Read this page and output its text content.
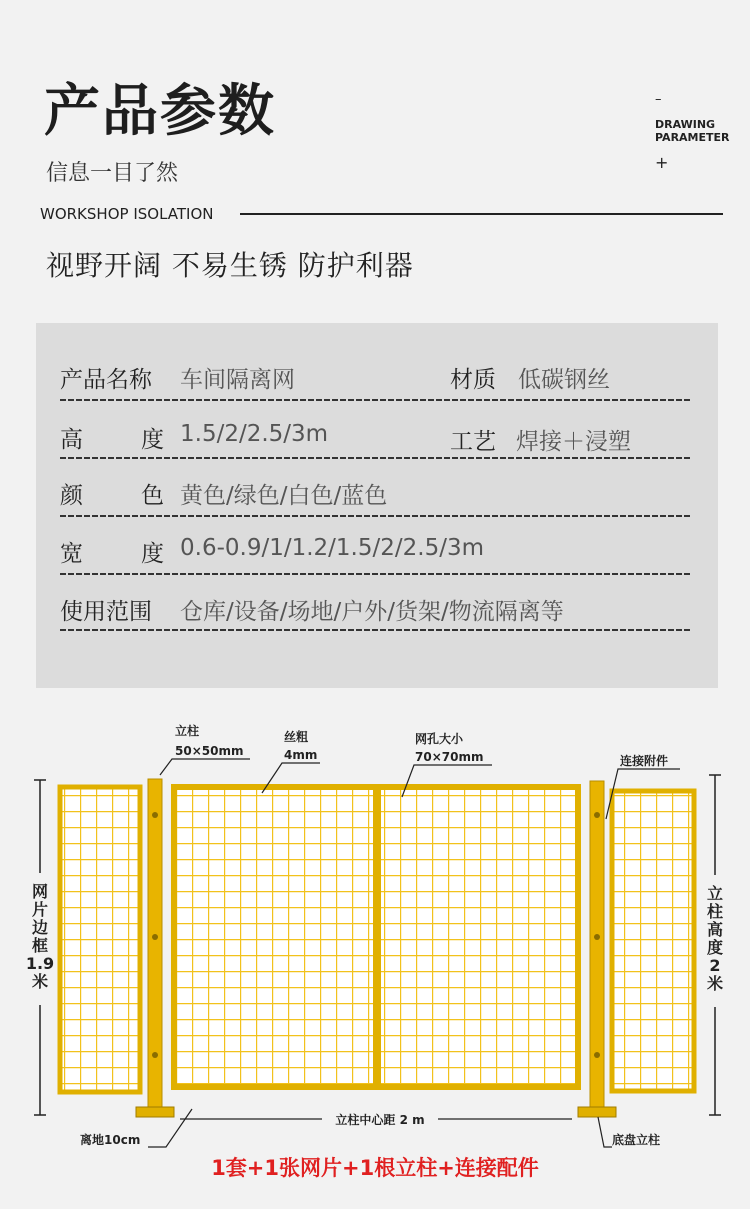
产品参数
信息一目了然
–
DRAWING
PARAMETER
+
WORKSHOP ISOLATION
视野开阔 不易生锈 防护利器
产品名称 车间隔离网	材质 低碳钢丝
高	度 1.5/2/2.5/3m	工艺 焊接＋浸塑
颜	色 黄色/绿色/白色/蓝色
宽	度 0.6-0.9/1/1.2/1.5/2/2.5/3m
使用范围 仓库/设备/场地/户外/货架/物流隔离等
立柱
50×50mm
丝粗
4mm
网孔大小
70×70mm	连接附件
网
片
边
框
1.9
米
立
柱
高
度
2
米
立柱中心距 2 m
离地10cm	底盘立柱
1套+1张网片+1根立柱+连接配件
